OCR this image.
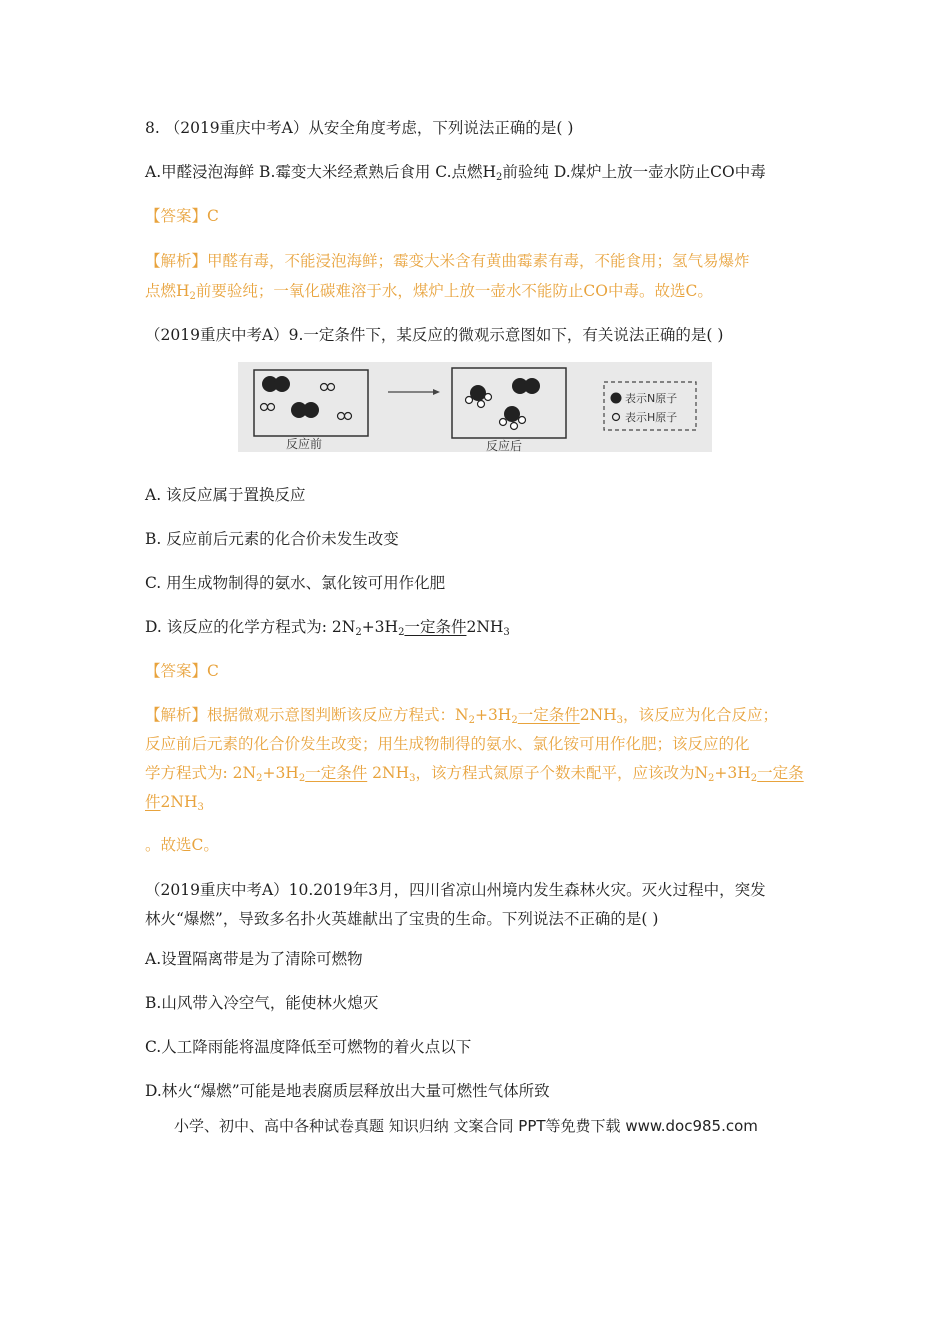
8. （2019重庆中考A）从安全角度考虑，下列说法正确的是( )
A.甲醛浸泡海鲜 B.霉变大米经煮熟后食用 C.点燃$H_2$前验纯 D.煤炉上放一壶水防止CO中毒
【答案】C
【解析】甲醛有毒，不能浸泡海鲜；霉变大米含有黄曲霉素有毒，不能食用；氢气易爆炸
点燃$H_2$前要验纯；一氧化碳难溶于水，煤炉上放一壶水不能防止CO中毒。故选C。
（2019重庆中考A）9.一定条件下，某反应的微观示意图如下，有关说法正确的是( )
反应前	反应后
表示N原子
表示H原子
A. 该反应属于置换反应
B. 反应前后元素的化合价未发生改变
C. 用生成物制得的氨水、氯化铵可用作化肥
D. 该反应的化学方程式为: $2N_2+3H_2$一定条件$2NH_3$
【答案】C
【解析】根据微观示意图判断该反应方程式：$N_2+3H_2$一定条件$2NH_3$，该反应为化合反应；
反应前后元素的化合价发生改变；用生成物制得的氨水、氯化铵可用作化肥；该反应的化
学方程式为: $2N_2+3H_2$一定条件 $2NH_3$，该方程式氮原子个数未配平，应该改为$N_2+3H_2$一定条
件$2NH_3$
。故选C。
（2019重庆中考A）10.2019年3月，四川省凉山州境内发生森林火灾。灭火过程中，突发
林火“爆燃”，导致多名扑火英雄献出了宝贵的生命。下列说法不正确的是( )
A.设置隔离带是为了清除可燃物
B.山风带入冷空气，能使林火熄灭
C.人工降雨能将温度降低至可燃物的着火点以下
D.林火“爆燃”可能是地表腐质层释放出大量可燃性气体所致
小学、初中、高中各种试卷真题 知识归纳 文案合同 PPT等免费下载 www.doc985.com
